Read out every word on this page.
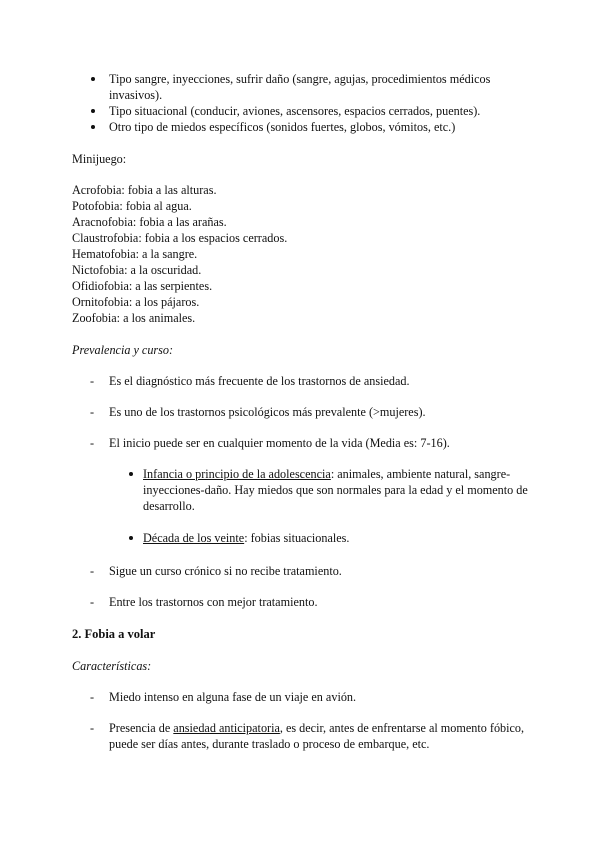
Tipo sangre, inyecciones, sufrir daño (sangre, agujas, procedimientos médicos invasivos).
Tipo situacional (conducir, aviones, ascensores, espacios cerrados, puentes).
Otro tipo de miedos específicos (sonidos fuertes, globos, vómitos, etc.)
Minijuego:
Acrofobia: fobia a las alturas.
Potofobia: fobia al agua.
Aracnofobia: fobia a las arañas.
Claustrofobia: fobia a los espacios cerrados.
Hematofobia: a la sangre.
Nictofobia: a la oscuridad.
Ofidiofobia: a las serpientes.
Ornitofobia: a los pájaros.
Zoofobia: a los animales.
Prevalencia y curso:
- Es el diagnóstico más frecuente de los trastornos de ansiedad.
- Es uno de los trastornos psicológicos más prevalente (>mujeres).
- El inicio puede ser en cualquier momento de la vida (Media es: 7-16).
Infancia o principio de la adolescencia: animales, ambiente natural, sangre-inyecciones-daño. Hay miedos que son normales para la edad y el momento de desarrollo.
Década de los veinte: fobias situacionales.
- Sigue un curso crónico si no recibe tratamiento.
- Entre los trastornos con mejor tratamiento.
2. Fobia a volar
Características:
- Miedo intenso en alguna fase de un viaje en avión.
- Presencia de ansiedad anticipatoria, es decir, antes de enfrentarse al momento fóbico, puede ser días antes, durante traslado o proceso de embarque, etc.
